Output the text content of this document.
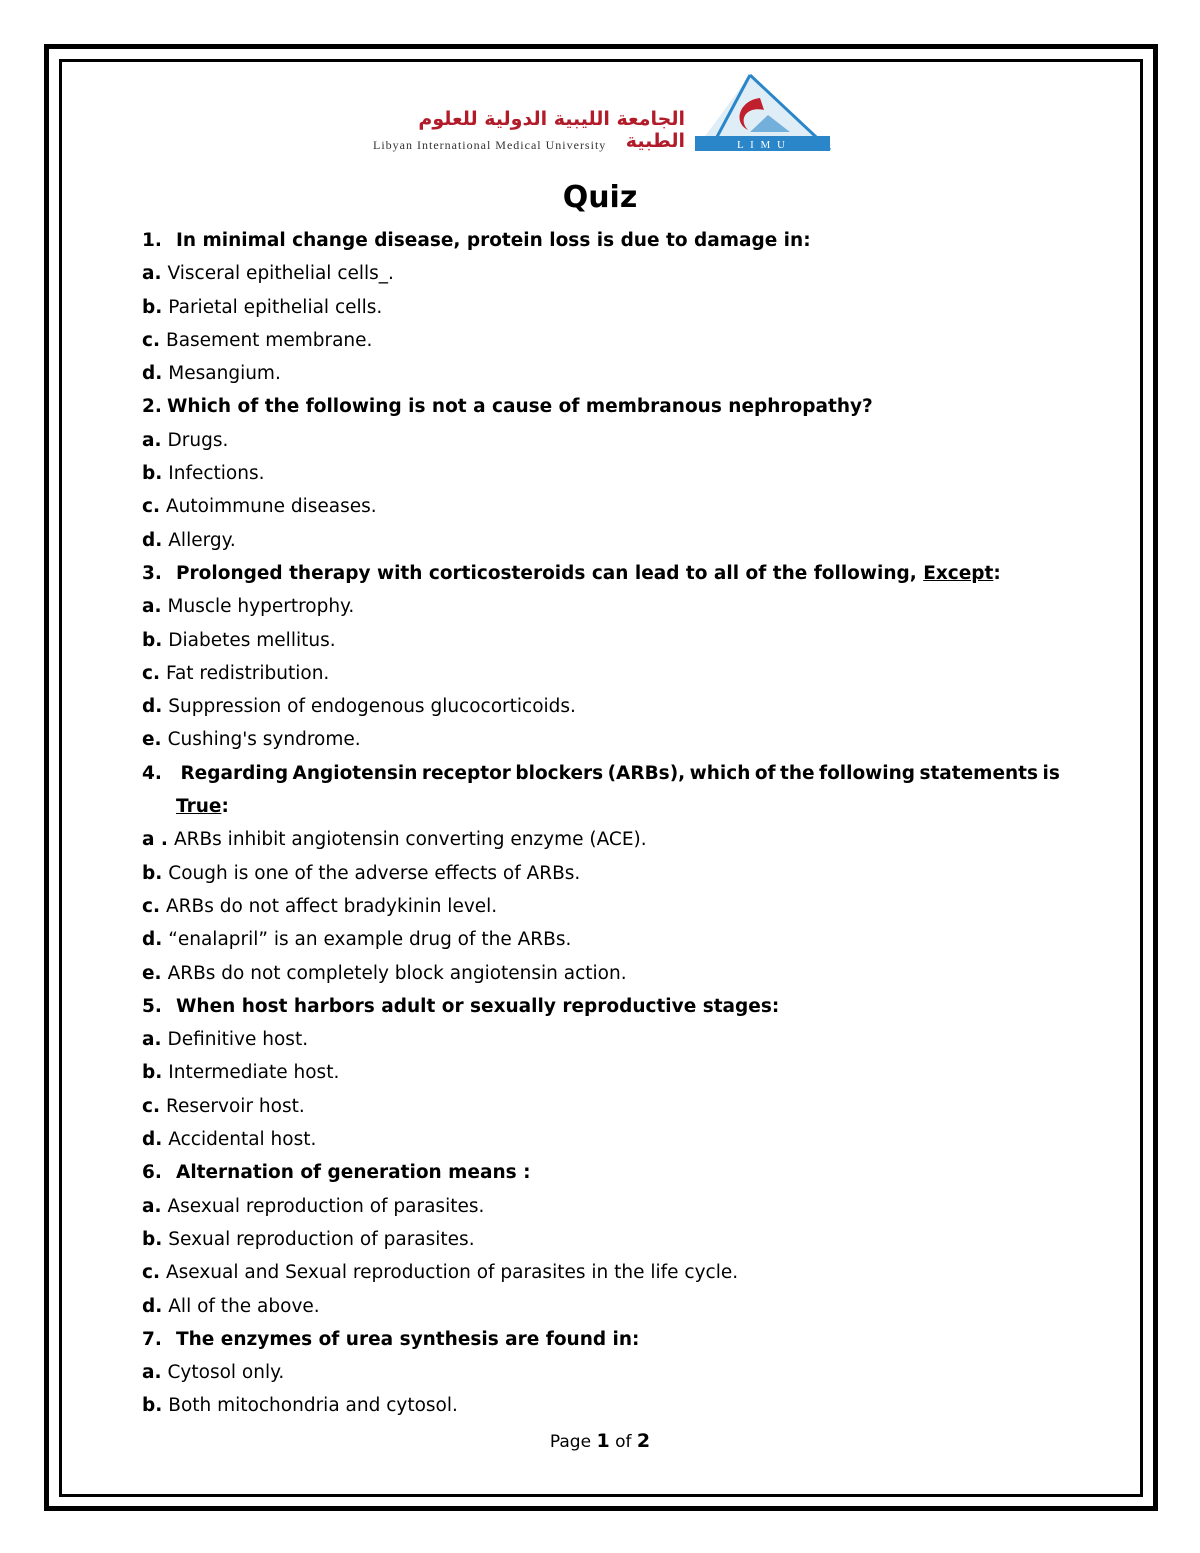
الجامعة الليبية الدولية للعلوم الطبية
Libyan International Medical University	L I M U
Quiz
1. In minimal change disease, protein loss is due to damage in:
a. Visceral epithelial cells_.
b. Parietal epithelial cells.
c. Basement membrane.
d. Mesangium.
2. Which of the following is not a cause of membranous nephropathy?
a. Drugs.
b. Infections.
c. Autoimmune diseases.
d. Allergy.
3. Prolonged therapy with corticosteroids can lead to all of the following, Except:
a. Muscle hypertrophy.
b. Diabetes mellitus.
c. Fat redistribution.
d. Suppression of endogenous glucocorticoids.
e. Cushing's syndrome.
4.	Regarding Angiotensin receptor blockers (ARBs), which of the following statements is
True:
a . ARBs inhibit angiotensin converting enzyme (ACE).
b. Cough is one of the adverse effects of ARBs.
c. ARBs do not affect bradykinin level.
d. “enalapril” is an example drug of the ARBs.
e. ARBs do not completely block angiotensin action.
5. When host harbors adult or sexually reproductive stages:
a. Definitive host.
b. Intermediate host.
c. Reservoir host.
d. Accidental host.
6. Alternation of generation means :
a. Asexual reproduction of parasites.
b. Sexual reproduction of parasites.
c. Asexual and Sexual reproduction of parasites in the life cycle.
d. All of the above.
7. The enzymes of urea synthesis are found in:
a. Cytosol only.
b. Both mitochondria and cytosol.
Page 1 of 2
